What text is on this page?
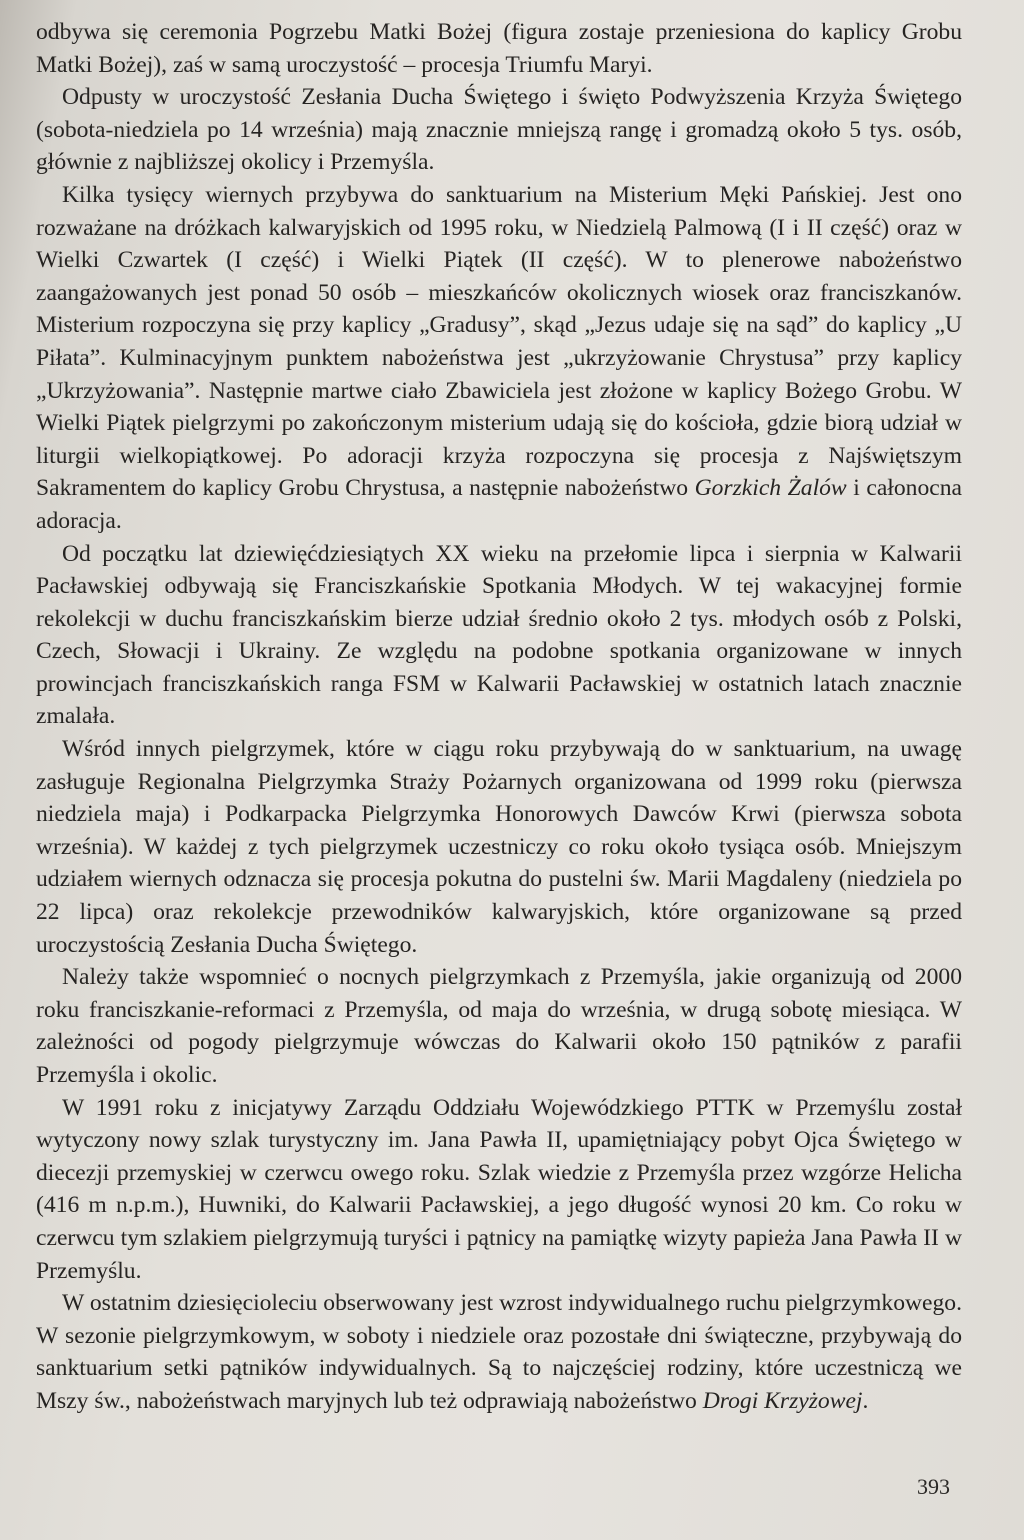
odbywa się ceremonia Pogrzebu Matki Bożej (figura zostaje przeniesiona do kaplicy Grobu Matki Bożej), zaś w samą uroczystość – procesja Triumfu Maryi.

Odpusty w uroczystość Zesłania Ducha Świętego i święto Podwyższenia Krzyża Świętego (sobota-niedziela po 14 września) mają znacznie mniejszą rangę i gromadzą około 5 tys. osób, głównie z najbliższej okolicy i Przemyśla.

Kilka tysięcy wiernych przybywa do sanktuarium na Misterium Męki Pańskiej. Jest ono rozważane na dróżkach kalwaryjskich od 1995 roku, w Niedzielą Palmową (I i II część) oraz w Wielki Czwartek (I część) i Wielki Piątek (II część). W to plenerowe nabożeństwo zaangażowanych jest ponad 50 osób – mieszkańców okolicznych wiosek oraz franciszkanów. Misterium rozpoczyna się przy kaplicy „Gradusy”, skąd „Jezus udaje się na sąd” do kaplicy „U Piłata”. Kulminacyjnym punktem nabożeństwa jest „ukrzyżowanie Chrystusa” przy kaplicy „Ukrzyżowania”. Następnie martwe ciało Zbawiciela jest złożone w kaplicy Bożego Grobu. W Wielki Piątek pielgrzymi po zakończonym misterium udają się do kościoła, gdzie biorą udział w liturgii wielkopiątkowej. Po adoracji krzyża rozpoczyna się procesja z Najświętszym Sakramentem do kaplicy Grobu Chrystusa, a następnie nabożeństwo Gorzkich Żalów i całonocna adoracja.

Od początku lat dziewięćdziesiątych XX wieku na przełomie lipca i sierpnia w Kalwarii Pacławskiej odbywają się Franciszkańskie Spotkania Młodych. W tej wakacyjnej formie rekolekcji w duchu franciszkańskim bierze udział średnio około 2 tys. młodych osób z Polski, Czech, Słowacji i Ukrainy. Ze względu na podobne spotkania organizowane w innych prowincjach franciszkańskich ranga FSM w Kalwarii Pacławskiej w ostatnich latach znacznie zmalała.

Wśród innych pielgrzymek, które w ciągu roku przybywają do w sanktuarium, na uwagę zasługuje Regionalna Pielgrzymka Straży Pożarnych organizowana od 1999 roku (pierwsza niedziela maja) i Podkarpacka Pielgrzymka Honorowych Dawców Krwi (pierwsza sobota września). W każdej z tych pielgrzymek uczestniczy co roku około tysiąca osób. Mniejszym udziałem wiernych odznacza się procesja pokutna do pustelni św. Marii Magdaleny (niedziela po 22 lipca) oraz rekolekcje przewodników kalwaryjskich, które organizowane są przed uroczystością Zesłania Ducha Świętego.

Należy także wspomnieć o nocnych pielgrzymkach z Przemyśla, jakie organizują od 2000 roku franciszkanie-reformaci z Przemyśla, od maja do września, w drugą sobotę miesiąca. W zależności od pogody pielgrzymuje wówczas do Kalwarii około 150 pątników z parafii Przemyśla i okolic.

W 1991 roku z inicjatywy Zarządu Oddziału Wojewódzkiego PTTK w Przemyślu został wytyczony nowy szlak turystyczny im. Jana Pawła II, upamiętniający pobyt Ojca Świętego w diecezji przemyskiej w czerwcu owego roku. Szlak wiedzie z Przemyśla przez wzgórze Helicha (416 m n.p.m.), Huwniki, do Kalwarii Pacławskiej, a jego długość wynosi 20 km. Co roku w czerwcu tym szlakiem pielgrzymują turyści i pątnicy na pamiątkę wizyty papieża Jana Pawła II w Przemyślu.

W ostatnim dziesięcioleciu obserwowany jest wzrost indywidualnego ruchu pielgrzymkowego. W sezonie pielgrzymkowym, w soboty i niedziele oraz pozostałe dni świąteczne, przybywają do sanktuarium setki pątników indywidualnych. Są to najczęściej rodziny, które uczestniczą we Mszy św., nabożeństwach maryjnych lub też odprawiają nabożeństwo Drogi Krzyżowej.

393
